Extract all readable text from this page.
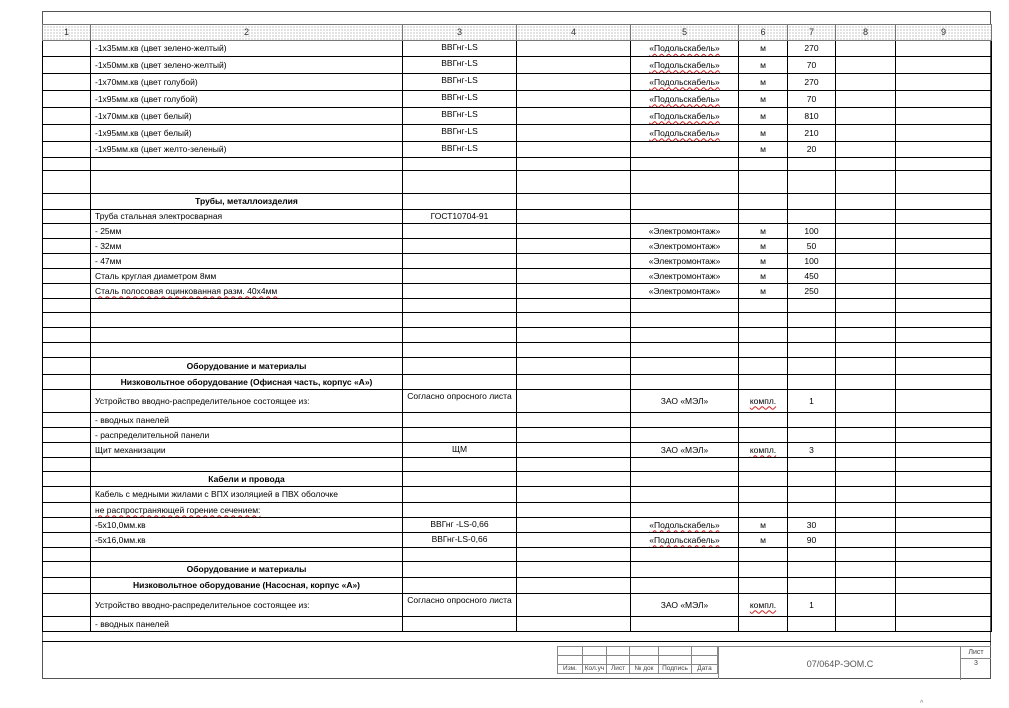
1	2	3	4	5	6	7	8	9
	-1х35мм.кв (цвет зелено-желтый)	ВВГнг-LS		«Подольскабель»	м	270		
	-1х50мм.кв (цвет зелено-желтый)	ВВГнг-LS		«Подольскабель»	м	70		
	-1х70мм.кв (цвет голубой)	ВВГнг-LS		«Подольскабель»	м	270		
	-1х95мм.кв (цвет голубой)	ВВГнг-LS		«Подольскабель»	м	70		
	-1х70мм.кв (цвет белый)	ВВГнг-LS		«Подольскабель»	м	810		
	-1х95мм.кв (цвет белый)	ВВГнг-LS		«Подольскабель»	м	210		
	-1х95мм.кв (цвет желто-зеленый)	ВВГнг-LS			м	20		

	Трубы, металлоизделия							
	Труба стальная электросварная	ГОСТ10704-91						
	- 25мм			«Электромонтаж»	м	100		
	- 32мм			«Электромонтаж»	м	50		
	- 47мм			«Электромонтаж»	м	100		
	Сталь круглая диаметром 8мм			«Электромонтаж»	м	450		
	Сталь полосовая оцинкованная разм. 40х4мм			«Электромонтаж»	м	250		

	Оборудование и материалы							
	Низковольтное оборудование (Офисная часть, корпус «А»)							
	Устройство вводно-распределительное состоящее из:	Согласно опросного листа		ЗАО «МЭЛ»	компл.	1		
	- вводных панелей							
	- распределительной панели							
	Щит механизации	ЩМ		ЗАО «МЭЛ»	компл.	3		

	Кабели и провода							
	Кабель с медными жилами с ВПХ изоляцией в ПВХ оболочке							
	не распространяющей горение сечением:							
	-5х10,0мм.кв	ВВГнг -LS-0,66		«Подольскабель»	м	30		
	-5х16,0мм.кв	ВВГнг-LS-0,66		«Подольскабель»	м	90		

	Оборудование и материалы							
	Низковольтное оборудование (Насосная, корпус «А»)							
	Устройство вводно-распределительное состоящее из:	Согласно опросного листа		ЗАО «МЭЛ»	компл.	1		
	- вводных панелей							

Изм.	Кол.уч	Лист	№ док	Подпись	Дата	07/064Р-ЭОМ.С
Лист
3
^
